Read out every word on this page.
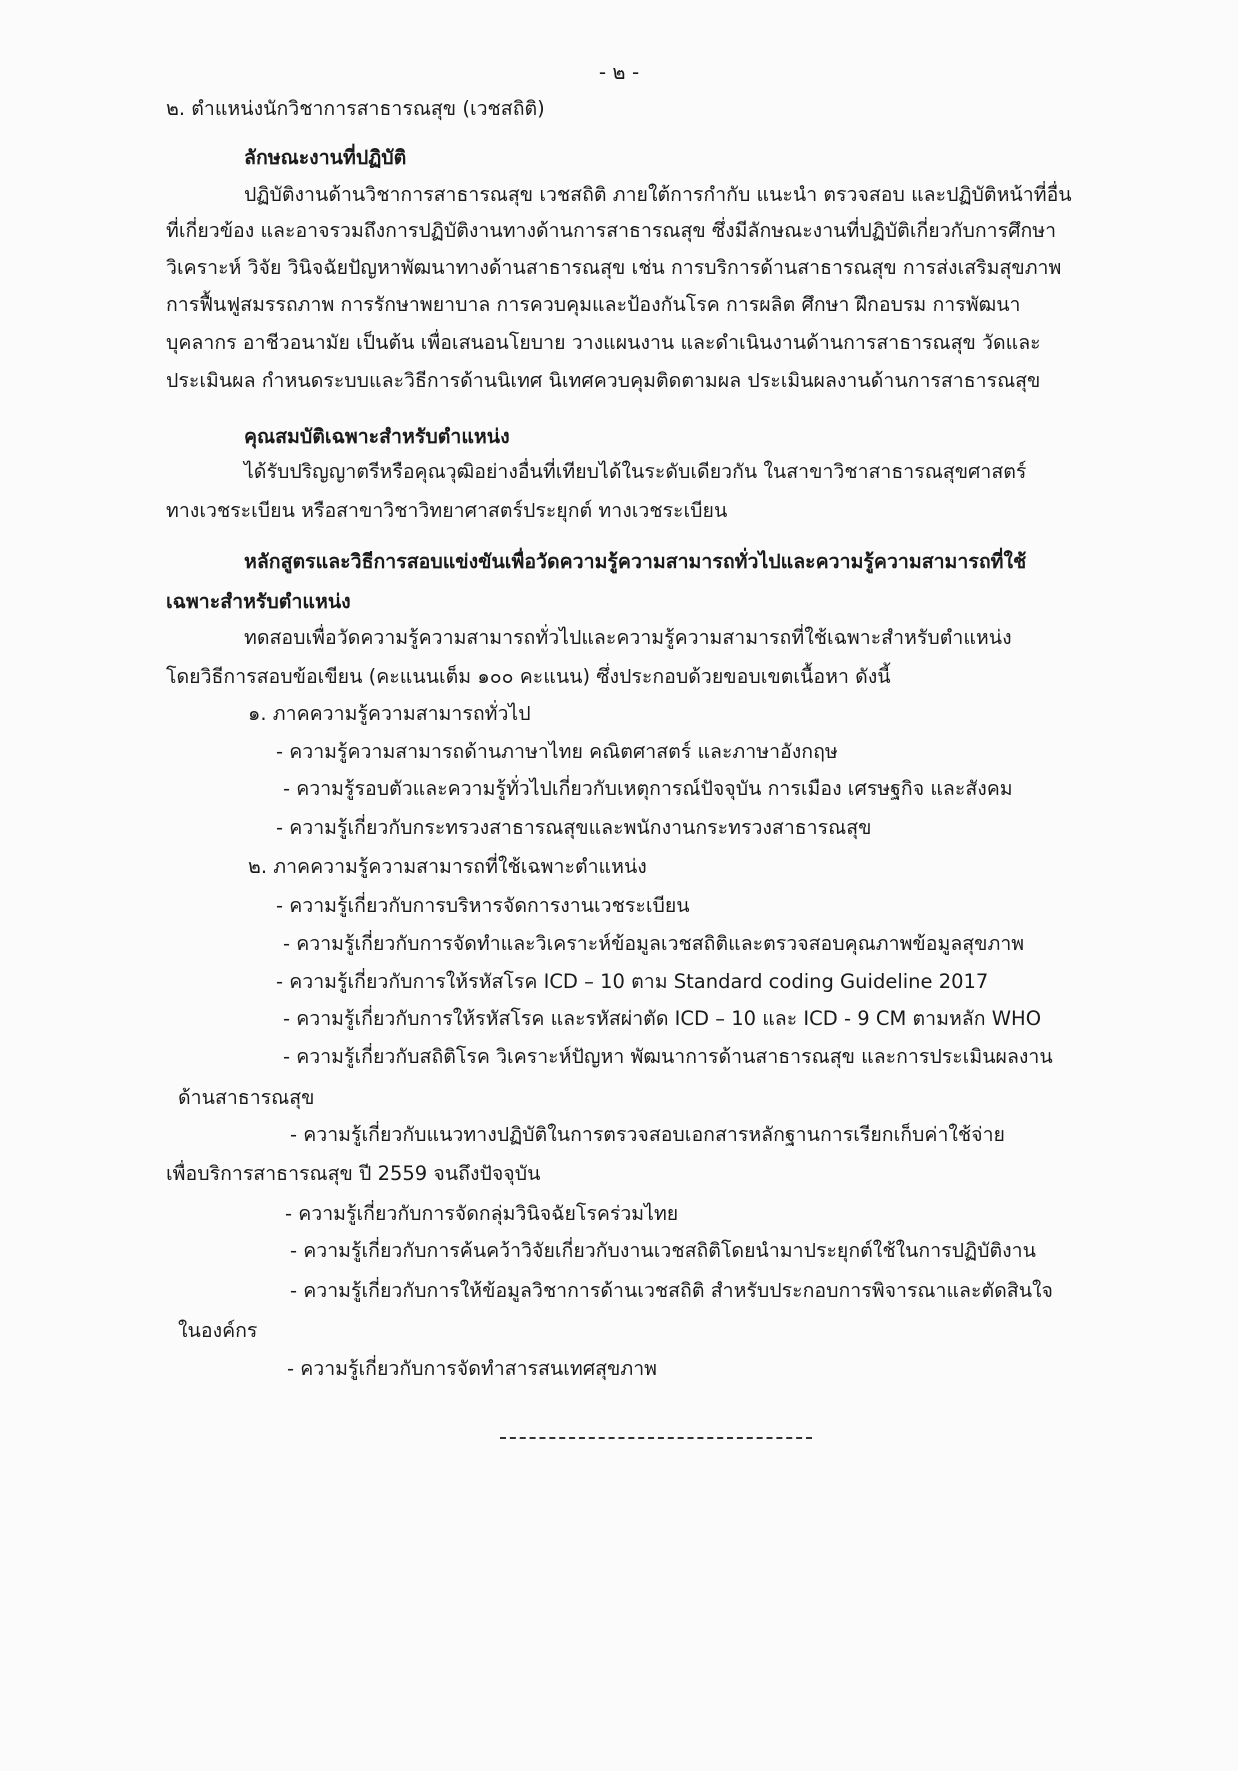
- ๒ -
๒. ตำแหน่งนักวิชาการสาธารณสุข (เวชสถิติ)
ลักษณะงานที่ปฏิบัติ
ปฏิบัติงานด้านวิชาการสาธารณสุข เวชสถิติ ภายใต้การกำกับ แนะนำ ตรวจสอบ และปฏิบัติหน้าที่อื่น
ที่เกี่ยวข้อง และอาจรวมถึงการปฏิบัติงานทางด้านการสาธารณสุข ซึ่งมีลักษณะงานที่ปฏิบัติเกี่ยวกับการศึกษา
วิเคราะห์ วิจัย วินิจฉัยปัญหาพัฒนาทางด้านสาธารณสุข เช่น การบริการด้านสาธารณสุข การส่งเสริมสุขภาพ
การฟื้นฟูสมรรถภาพ การรักษาพยาบาล การควบคุมและป้องกันโรค การผลิต ศึกษา ฝึกอบรม การพัฒนา
บุคลากร อาชีวอนามัย เป็นต้น เพื่อเสนอนโยบาย วางแผนงาน และดำเนินงานด้านการสาธารณสุข วัดและ
ประเมินผล กำหนดระบบและวิธีการด้านนิเทศ นิเทศควบคุมติดตามผล ประเมินผลงานด้านการสาธารณสุข
คุณสมบัติเฉพาะสำหรับตำแหน่ง
ได้รับปริญญาตรีหรือคุณวุฒิอย่างอื่นที่เทียบได้ในระดับเดียวกัน ในสาขาวิชาสาธารณสุขศาสตร์
ทางเวชระเบียน หรือสาขาวิชาวิทยาศาสตร์ประยุกต์ ทางเวชระเบียน
หลักสูตรและวิธีการสอบแข่งขันเพื่อวัดความรู้ความสามารถทั่วไปและความรู้ความสามารถที่ใช้
เฉพาะสำหรับตำแหน่ง
ทดสอบเพื่อวัดความรู้ความสามารถทั่วไปและความรู้ความสามารถที่ใช้เฉพาะสำหรับตำแหน่ง
โดยวิธีการสอบข้อเขียน (คะแนนเต็ม ๑๐๐ คะแนน) ซึ่งประกอบด้วยขอบเขตเนื้อหา ดังนี้
๑. ภาคความรู้ความสามารถทั่วไป
- ความรู้ความสามารถด้านภาษาไทย คณิตศาสตร์ และภาษาอังกฤษ
- ความรู้รอบตัวและความรู้ทั่วไปเกี่ยวกับเหตุการณ์ปัจจุบัน การเมือง เศรษฐกิจ และสังคม
- ความรู้เกี่ยวกับกระทรวงสาธารณสุขและพนักงานกระทรวงสาธารณสุข
๒. ภาคความรู้ความสามารถที่ใช้เฉพาะตำแหน่ง
- ความรู้เกี่ยวกับการบริหารจัดการงานเวชระเบียน
- ความรู้เกี่ยวกับการจัดทำและวิเคราะห์ข้อมูลเวชสถิติและตรวจสอบคุณภาพข้อมูลสุขภาพ
- ความรู้เกี่ยวกับการให้รหัสโรค ICD – 10 ตาม Standard coding Guideline 2017
- ความรู้เกี่ยวกับการให้รหัสโรค และรหัสผ่าตัด ICD – 10 และ ICD - 9 CM ตามหลัก WHO
- ความรู้เกี่ยวกับสถิติโรค วิเคราะห์ปัญหา พัฒนาการด้านสาธารณสุข และการประเมินผลงาน
ด้านสาธารณสุข
- ความรู้เกี่ยวกับแนวทางปฏิบัติในการตรวจสอบเอกสารหลักฐานการเรียกเก็บค่าใช้จ่าย
เพื่อบริการสาธารณสุข ปี 2559 จนถึงปัจจุบัน
- ความรู้เกี่ยวกับการจัดกลุ่มวินิจฉัยโรคร่วมไทย
- ความรู้เกี่ยวกับการค้นคว้าวิจัยเกี่ยวกับงานเวชสถิติโดยนำมาประยุกต์ใช้ในการปฏิบัติงาน
- ความรู้เกี่ยวกับการให้ข้อมูลวิชาการด้านเวชสถิติ สำหรับประกอบการพิจารณาและตัดสินใจ
ในองค์กร
- ความรู้เกี่ยวกับการจัดทำสารสนเทศสุขภาพ
